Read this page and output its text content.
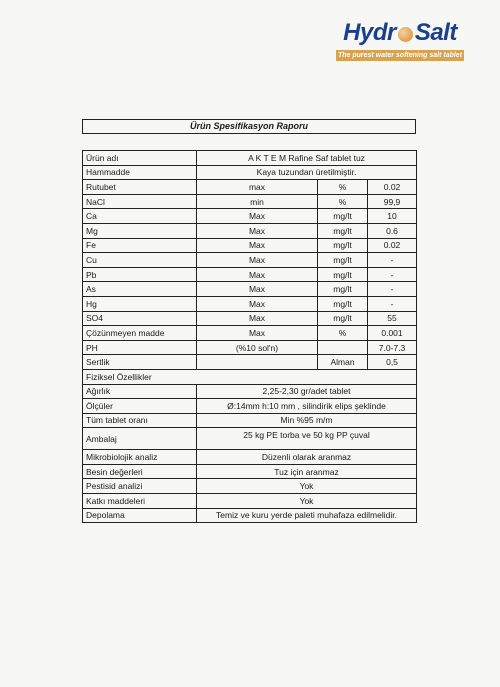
Hydr Salt
The purest water softening salt tablet
Ürün Spesifikasyon Raporu
Ürün adı	A K T E M Rafine Saf tablet tuz		
Hammadde	Kaya tuzundan üretilmiştir.		
Rutubet	max	%	0.02
NaCl	min	%	99,9
Ca	Max	mg/lt	10
Mg	Max	mg/lt	0.6
Fe	Max	mg/lt	0.02
Cu	Max	mg/lt	-
Pb	Max	mg/lt	-
As	Max	mg/lt	-
Hg	Max	mg/lt	-
SO4	Max	mg/lt	55
Çözünmeyen madde	Max	%	0.001
PH	(%10 sol'n)		7.0-7.3
Sertlik		Alman	0,5
Fiziksel Özellikler			
Ağırlık	2,25-2,30 gr/adet tablet		
Ölçüler	Ø:14mm h:10 mm , silindirik elips şeklinde		
Tüm tablet oranı	Min %95 m/m		
Ambalaj	25 kg PE torba ve 50 kg PP çuval		
Mikrobiolojik analiz	Düzenli olarak aranmaz		
Besin değerleri	Tuz için aranmaz		
Pestisid analizi	Yok		
Katkı maddeleri	Yok		
Depolama	Temiz ve kuru yerde paleti muhafaza edilmelidir.		
